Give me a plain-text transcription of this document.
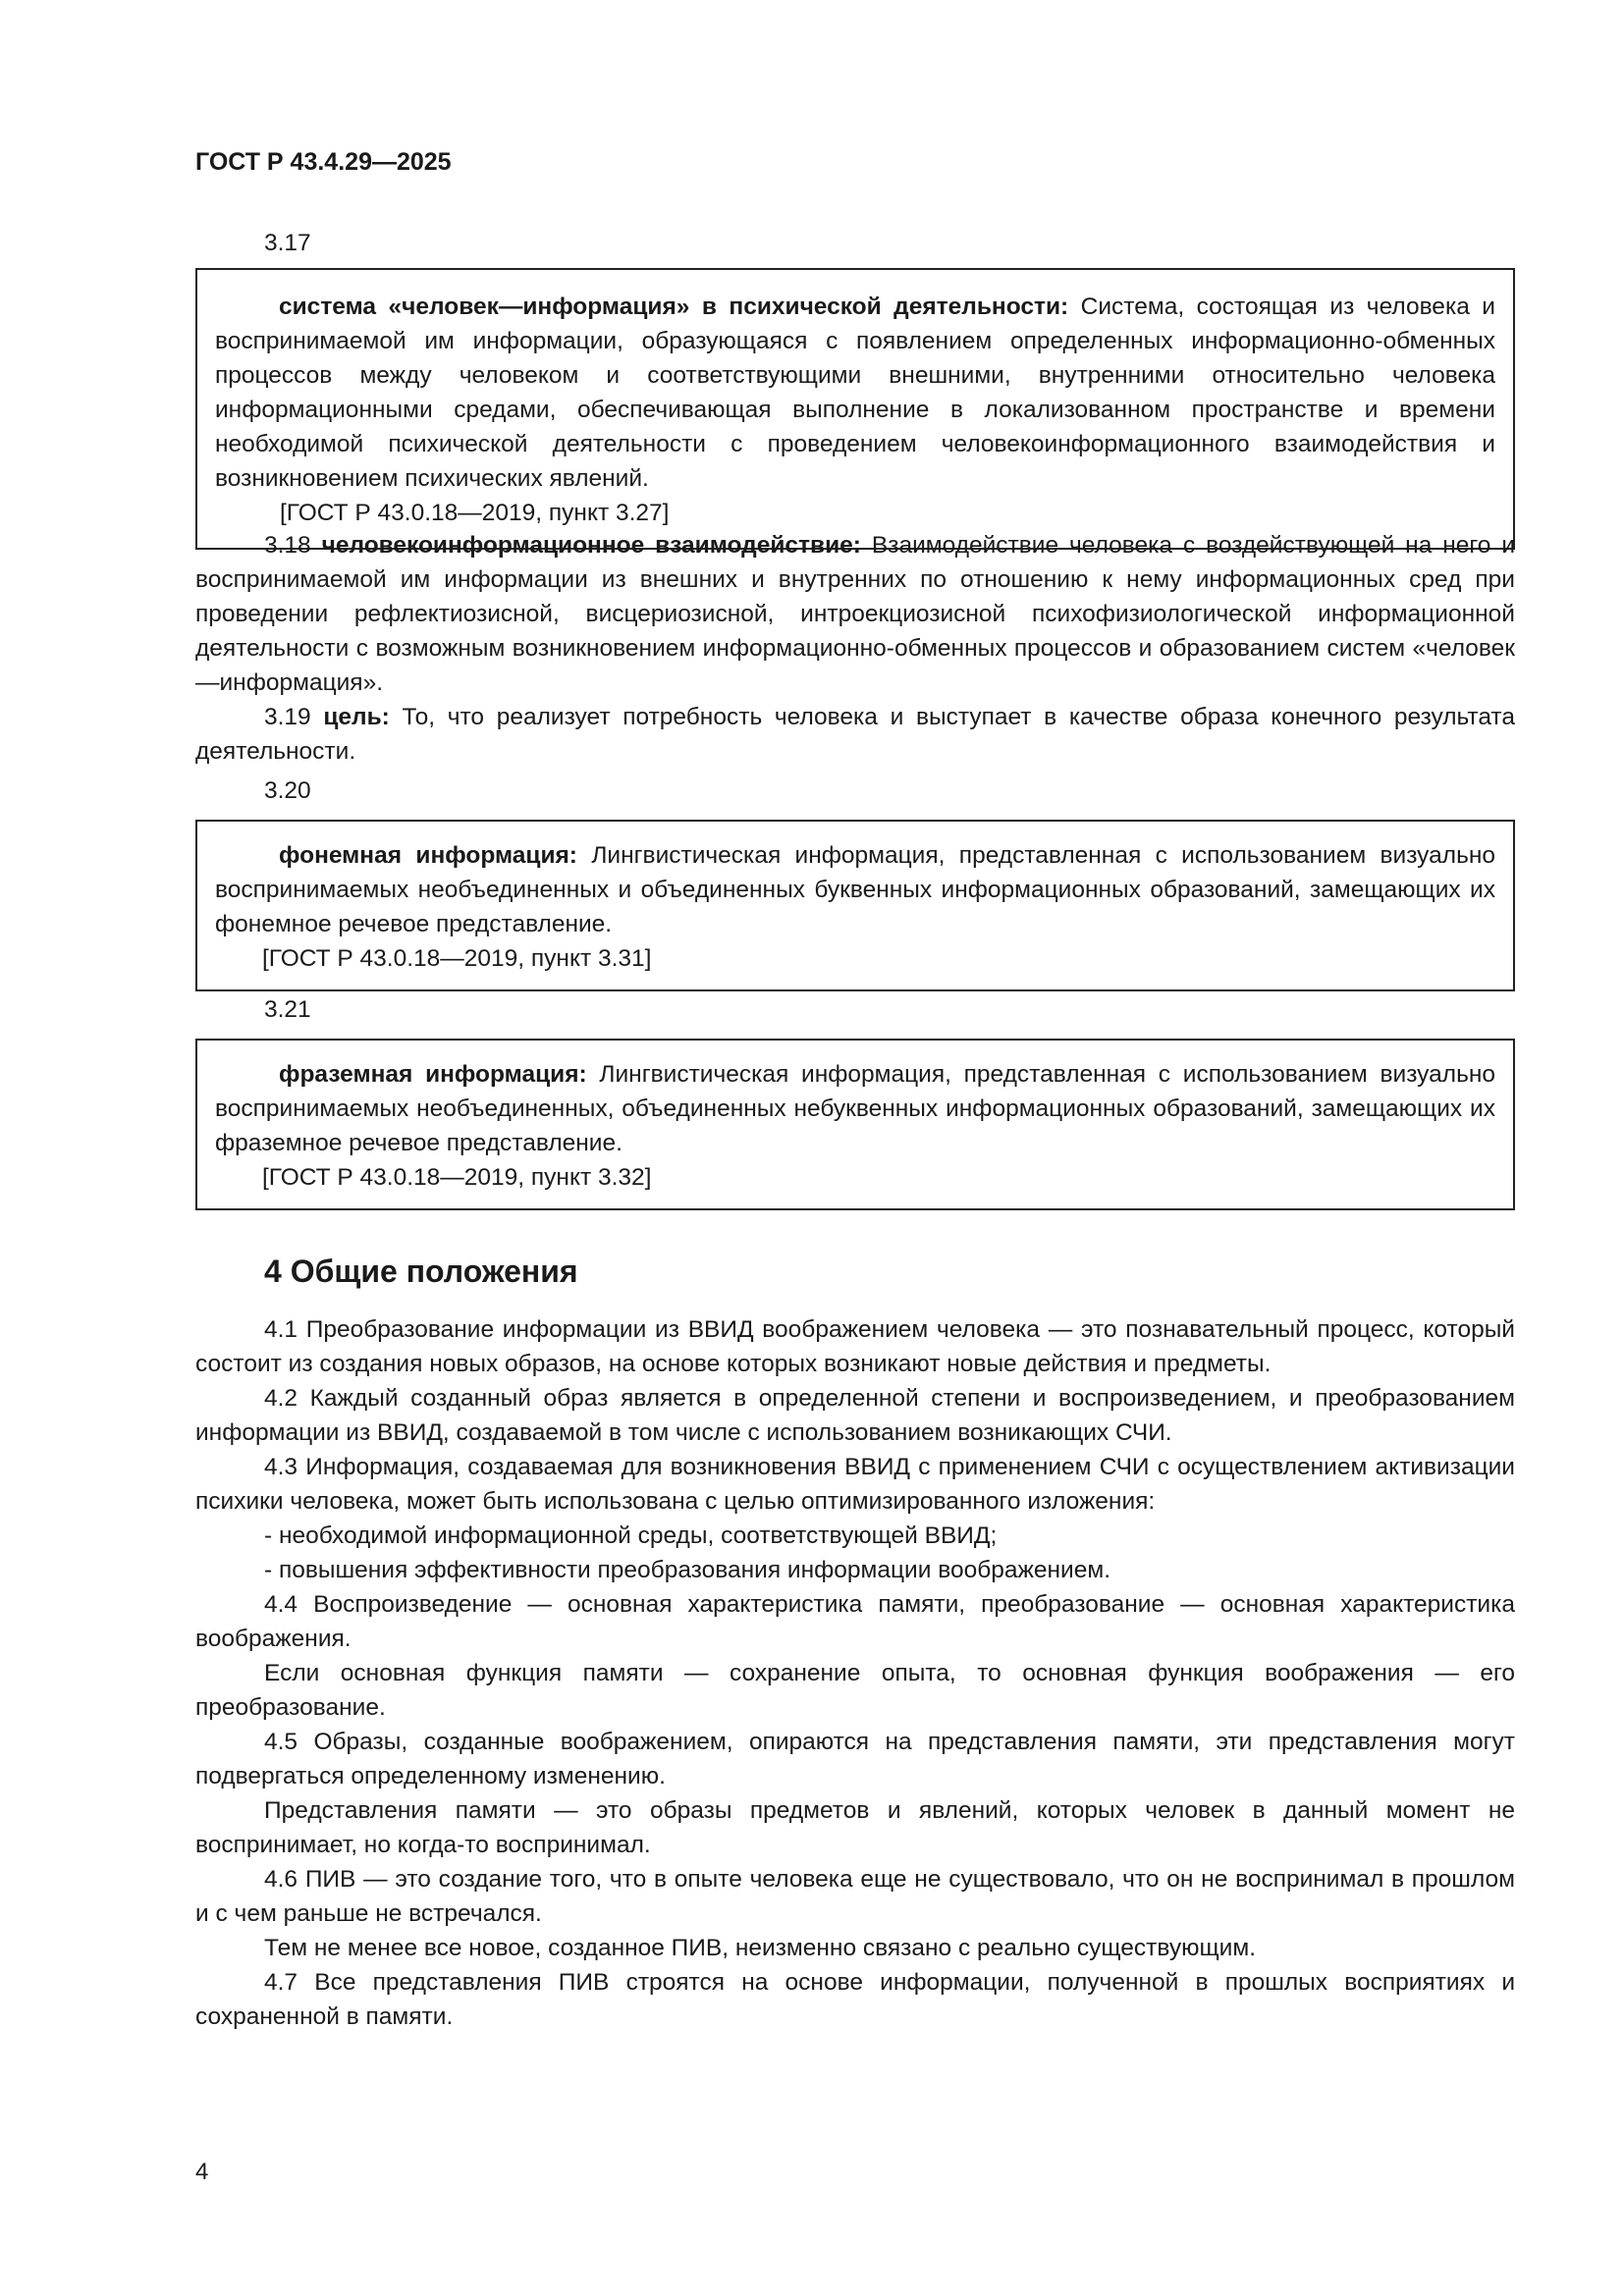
ГОСТ Р 43.4.29—2025

3.17

система «человек—информация» в психической деятельности: Система, состоящая из человека и воспринимаемой им информации, образующаяся с появлением определенных информационно-обменных процессов между человеком и соответствующими внешними, внутренними относительно человека информационными средами, обеспечивающая выполнение в локализованном пространстве и времени необходимой психической деятельности с проведением человекоинформационного взаимодействия и возникновением психических явлений.

[ГОСТ Р 43.0.18—2019, пункт 3.27]

3.18 человекоинформационное взаимодействие: Взаимодействие человека с воздействующей на него и воспринимаемой им информации из внешних и внутренних по отношению к нему информационных сред при проведении рефлектиозисной, висцериозисной, интроекциозисной психофизиологической информационной деятельности с возможным возникновением информационно-обменных процессов и образованием систем «человек—информация».

3.19 цель: То, что реализует потребность человека и выступает в качестве образа конечного результата деятельности.

3.20

фонемная информация: Лингвистическая информация, представленная с использованием визуально воспринимаемых необъединенных и объединенных буквенных информационных образований, замещающих их фонемное речевое представление.

[ГОСТ Р 43.0.18—2019, пункт 3.31]

3.21

фраземная информация: Лингвистическая информация, представленная с использованием визуально воспринимаемых необъединенных, объединенных небуквенных информационных образований, замещающих их фраземное речевое представление.

[ГОСТ Р 43.0.18—2019, пункт 3.32]

4 Общие положения

4.1 Преобразование информации из ВВИД воображением человека — это познавательный процесс, который состоит из создания новых образов, на основе которых возникают новые действия и предметы.

4.2 Каждый созданный образ является в определенной степени и воспроизведением, и преобразованием информации из ВВИД, создаваемой в том числе с использованием возникающих СЧИ.

4.3 Информация, создаваемая для возникновения ВВИД с применением СЧИ с осуществлением активизации психики человека, может быть использована с целью оптимизированного изложения:

- необходимой информационной среды, соответствующей ВВИД;

- повышения эффективности преобразования информации воображением.

4.4 Воспроизведение — основная характеристика памяти, преобразование — основная характеристика воображения.

Если основная функция памяти — сохранение опыта, то основная функция воображения — его преобразование.

4.5 Образы, созданные воображением, опираются на представления памяти, эти представления могут подвергаться определенному изменению.

Представления памяти — это образы предметов и явлений, которых человек в данный момент не воспринимает, но когда-то воспринимал.

4.6 ПИВ — это создание того, что в опыте человека еще не существовало, что он не воспринимал в прошлом и с чем раньше не встречался.

Тем не менее все новое, созданное ПИВ, неизменно связано с реально существующим.

4.7 Все представления ПИВ строятся на основе информации, полученной в прошлых восприятиях и сохраненной в памяти.

4
